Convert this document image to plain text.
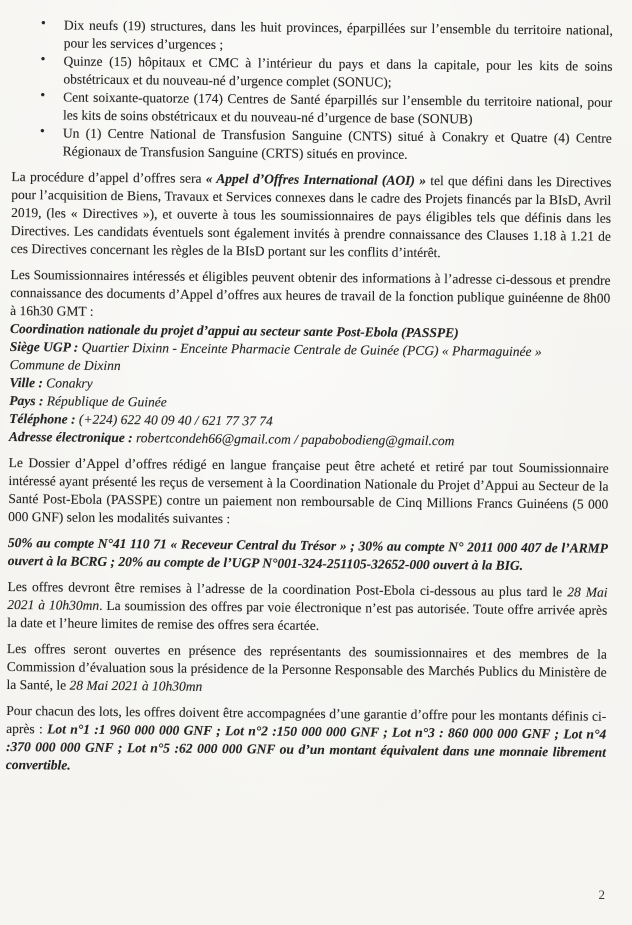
• Dix neufs (19) structures, dans les huit provinces, éparpillées sur l’ensemble du territoire national, pour les services d’urgences ;
• Quinze (15) hôpitaux et CMC à l’intérieur du pays et dans la capitale, pour les kits de soins obstétricaux et du nouveau-né d’urgence complet (SONUC);
• Cent soixante-quatorze (174) Centres de Santé éparpillés sur l’ensemble du territoire national, pour les kits de soins obstétricaux et du nouveau-né d’urgence de base (SONUB)
• Un (1) Centre National de Transfusion Sanguine (CNTS) situé à Conakry et Quatre (4) Centre Régionaux de Transfusion Sanguine (CRTS) situés en province.

La procédure d’appel d’offres sera « Appel d’Offres International (AOI) » tel que défini dans les Directives pour l’acquisition de Biens, Travaux et Services connexes dans le cadre des Projets financés par la BIsD, Avril 2019, (les « Directives »), et ouverte à tous les soumissionnaires de pays éligibles tels que définis dans les Directives. Les candidats éventuels sont également invités à prendre connaissance des Clauses 1.18 à 1.21 de ces Directives concernant les règles de la BIsD portant sur les conflits d’intérêt.

Les Soumissionnaires intéressés et éligibles peuvent obtenir des informations à l’adresse ci-dessous et prendre connaissance des documents d’Appel d’offres aux heures de travail de la fonction publique guinéenne de 8h00 à 16h30 GMT :

Coordination nationale du projet d’appui au secteur sante Post-Ebola (PASSPE)
Siège UGP : Quartier Dixinn - Enceinte Pharmacie Centrale de Guinée (PCG) « Pharmaguinée »
Commune de Dixinn
Ville : Conakry
Pays : République de Guinée
Téléphone : (+224) 622 40 09 40 / 621 77 37 74
Adresse électronique : robertcondeh66@gmail.com / papabobodieng@gmail.com

Le Dossier d’Appel d’offres rédigé en langue française peut être acheté et retiré par tout Soumissionnaire intéressé ayant présenté les reçus de versement à la Coordination Nationale du Projet d’Appui au Secteur de la Santé Post-Ebola (PASSPE) contre un paiement non remboursable de Cinq Millions Francs Guinéens (5 000 000 GNF) selon les modalités suivantes :

50% au compte N°41 110 71 « Receveur Central du Trésor » ; 30% au compte N° 2011 000 407 de l’ARMP ouvert à la BCRG ; 20% au compte de l’UGP N°001-324-251105-32652-000 ouvert à la BIG.

Les offres devront être remises à l’adresse de la coordination Post-Ebola ci-dessous au plus tard le 28 Mai 2021 à 10h30mn. La soumission des offres par voie électronique n’est pas autorisée. Toute offre arrivée après la date et l’heure limites de remise des offres sera écartée.

Les offres seront ouvertes en présence des représentants des soumissionnaires et des membres de la Commission d’évaluation sous la présidence de la Personne Responsable des Marchés Publics du Ministère de la Santé, le 28 Mai 2021 à 10h30mn

Pour chacun des lots, les offres doivent être accompagnées d’une garantie d’offre pour les montants définis ci-après : Lot n°1 :1 960 000 000 GNF ; Lot n°2 :150 000 000 GNF ; Lot n°3 : 860 000 000 GNF ; Lot n°4 :370 000 000 GNF ; Lot n°5 :62 000 000 GNF ou d’un montant équivalent dans une monnaie librement convertible.

2
